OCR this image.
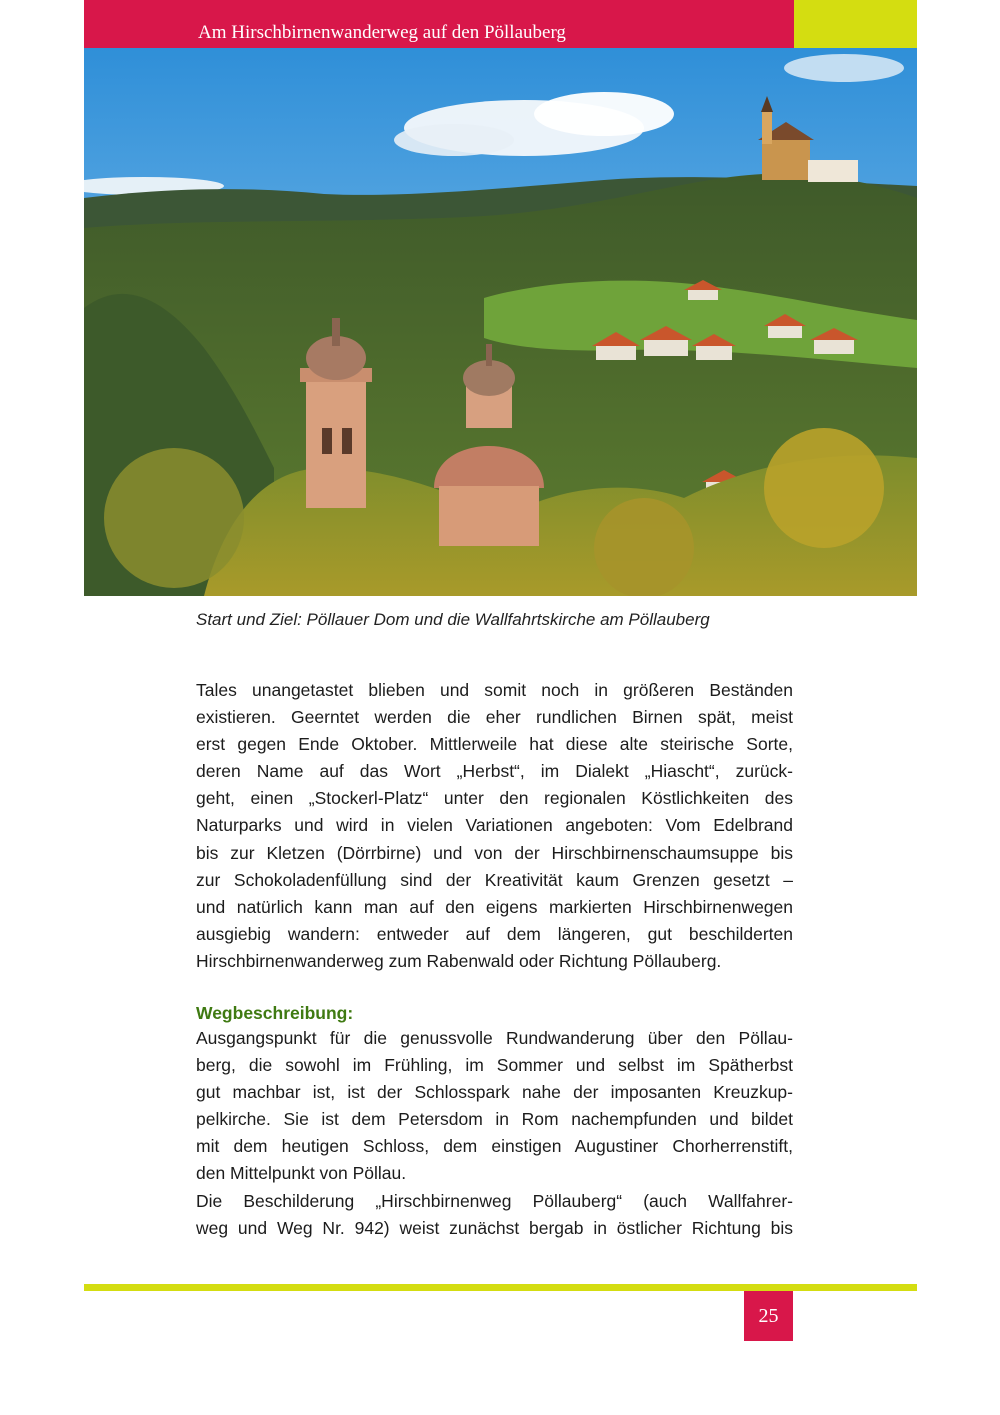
Am Hirschbirnenwanderweg auf den Pöllauberg
Start und Ziel: Pöllauer Dom und die Wallfahrtskirche am Pöllauberg

Tales unangetastet blieben und somit noch in größeren Beständen

existieren. Geerntet werden die eher rundlichen Birnen spät, meist

erst gegen Ende Oktober. Mittlerweile hat diese alte steirische Sorte,

deren Name auf das Wort „Herbst“, im Dialekt „Hiascht“, zurück-

geht, einen „Stockerl-Platz“ unter den regionalen Köstlichkeiten des

Naturparks und wird in vielen Variationen angeboten: Vom Edelbrand

bis zur Kletzen (Dörrbirne) und von der Hirschbirnenschaumsuppe bis

zur Schokoladenfüllung sind der Kreativität kaum Grenzen gesetzt –

und natürlich kann man auf den eigens markierten Hirschbirnenwegen

ausgiebig wandern: entweder auf dem längeren, gut beschilderten

Hirschbirnenwanderweg zum Rabenwald oder Richtung Pöllauberg.

Wegbeschreibung:

Ausgangspunkt für die genussvolle Rundwanderung über den Pöllau-

berg, die sowohl im Frühling, im Sommer und selbst im Spätherbst

gut machbar ist, ist der Schlosspark nahe der imposanten Kreuzkup-

pelkirche. Sie ist dem Petersdom in Rom nachempfunden und bildet

mit dem heutigen Schloss, dem einstigen Augustiner Chorherrenstift,

den Mittelpunkt von Pöllau.

Die Beschilderung „Hirschbirnenweg Pöllauberg“ (auch Wallfahrer-

weg und Weg Nr. 942) weist zunächst bergab in östlicher Richtung bis

25
